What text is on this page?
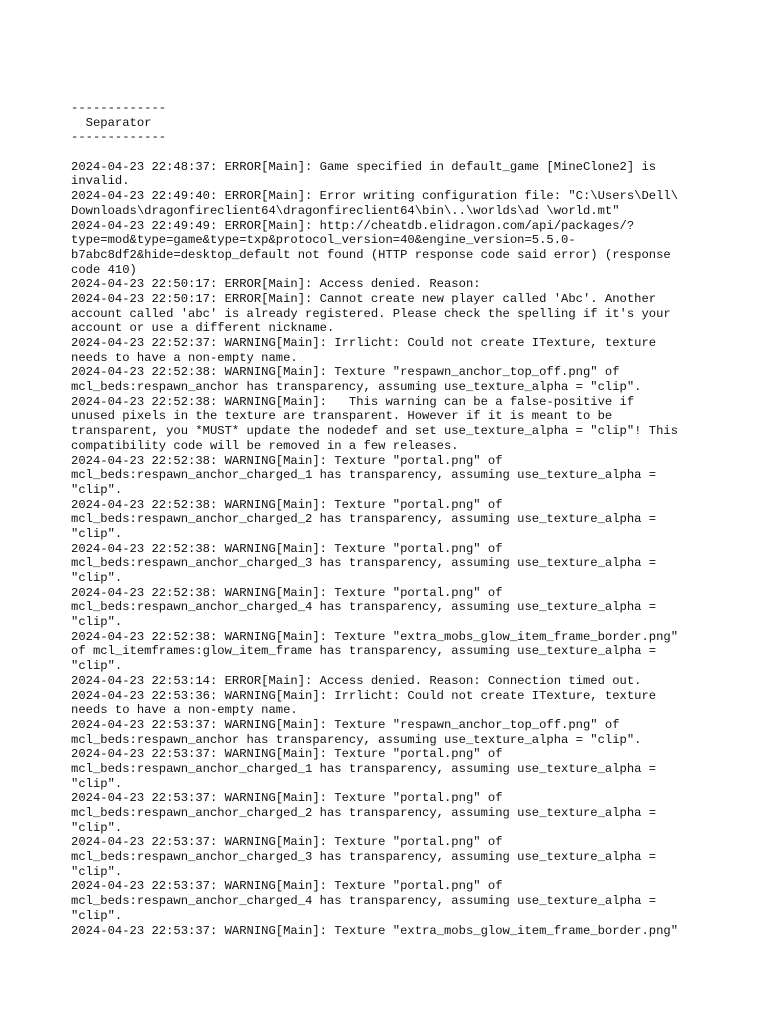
-------------
Separator
-------------
2024-04-23 22:48:37: ERROR[Main]: Game specified in default_game [MineClone2] is
invalid.
2024-04-23 22:49:40: ERROR[Main]: Error writing configuration file: "C:\Users\Dell\
Downloads\dragonfireclient64\dragonfireclient64\bin\..\worlds\ad \world.mt"
2024-04-23 22:49:49: ERROR[Main]: http://cheatdb.elidragon.com/api/packages/?
type=mod&type=game&type=txp&protocol_version=40&engine_version=5.5.0-
b7abc8df2&hide=desktop_default not found (HTTP response code said error) (response
code 410)
2024-04-23 22:50:17: ERROR[Main]: Access denied. Reason:
2024-04-23 22:50:17: ERROR[Main]: Cannot create new player called 'Abc'. Another
account called 'abc' is already registered. Please check the spelling if it's your
account or use a different nickname.
2024-04-23 22:52:37: WARNING[Main]: Irrlicht: Could not create ITexture, texture
needs to have a non-empty name.
2024-04-23 22:52:38: WARNING[Main]: Texture "respawn_anchor_top_off.png" of
mcl_beds:respawn_anchor has transparency, assuming use_texture_alpha = "clip".
2024-04-23 22:52:38: WARNING[Main]:   This warning can be a false-positive if
unused pixels in the texture are transparent. However if it is meant to be
transparent, you *MUST* update the nodedef and set use_texture_alpha = "clip"! This
compatibility code will be removed in a few releases.
2024-04-23 22:52:38: WARNING[Main]: Texture "portal.png" of
mcl_beds:respawn_anchor_charged_1 has transparency, assuming use_texture_alpha =
"clip".
2024-04-23 22:52:38: WARNING[Main]: Texture "portal.png" of
mcl_beds:respawn_anchor_charged_2 has transparency, assuming use_texture_alpha =
"clip".
2024-04-23 22:52:38: WARNING[Main]: Texture "portal.png" of
mcl_beds:respawn_anchor_charged_3 has transparency, assuming use_texture_alpha =
"clip".
2024-04-23 22:52:38: WARNING[Main]: Texture "portal.png" of
mcl_beds:respawn_anchor_charged_4 has transparency, assuming use_texture_alpha =
"clip".
2024-04-23 22:52:38: WARNING[Main]: Texture "extra_mobs_glow_item_frame_border.png"
of mcl_itemframes:glow_item_frame has transparency, assuming use_texture_alpha =
"clip".
2024-04-23 22:53:14: ERROR[Main]: Access denied. Reason: Connection timed out.
2024-04-23 22:53:36: WARNING[Main]: Irrlicht: Could not create ITexture, texture
needs to have a non-empty name.
2024-04-23 22:53:37: WARNING[Main]: Texture "respawn_anchor_top_off.png" of
mcl_beds:respawn_anchor has transparency, assuming use_texture_alpha = "clip".
2024-04-23 22:53:37: WARNING[Main]: Texture "portal.png" of
mcl_beds:respawn_anchor_charged_1 has transparency, assuming use_texture_alpha =
"clip".
2024-04-23 22:53:37: WARNING[Main]: Texture "portal.png" of
mcl_beds:respawn_anchor_charged_2 has transparency, assuming use_texture_alpha =
"clip".
2024-04-23 22:53:37: WARNING[Main]: Texture "portal.png" of
mcl_beds:respawn_anchor_charged_3 has transparency, assuming use_texture_alpha =
"clip".
2024-04-23 22:53:37: WARNING[Main]: Texture "portal.png" of
mcl_beds:respawn_anchor_charged_4 has transparency, assuming use_texture_alpha =
"clip".
2024-04-23 22:53:37: WARNING[Main]: Texture "extra_mobs_glow_item_frame_border.png"
